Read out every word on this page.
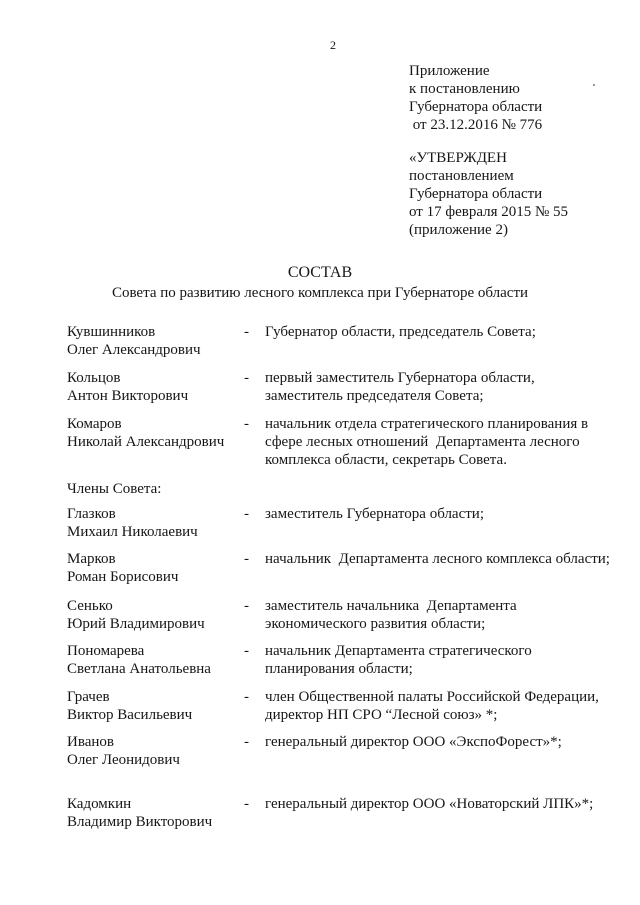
2
Приложение
к постановлению
Губернатора области
от 23.12.2016 № 776
«УТВЕРЖДЕН
постановлением
Губернатора области
от 17 февраля 2015 № 55
(приложение 2)
СОСТАВ
Совета по развитию лесного комплекса при Губернаторе области
Кувшинников
Олег Александрович
- Губернатор области, председатель Совета;
Кольцов
Антон Викторович
- первый заместитель Губернатора области,
заместитель председателя Совета;
Комаров
Николай Александрович
- начальник отдела стратегического планирования в
сфере лесных отношений  Департамента лесного
комплекса области, секретарь Совета.
Члены Совета:
Глазков
Михаил Николаевич
- заместитель Губернатора области;
Марков
Роман Борисович
- начальник  Департамента лесного комплекса области;
Сенько
Юрий Владимирович
- заместитель начальника  Департамента
экономического развития области;
Пономарева
Светлана Анатольевна
- начальник Департамента стратегического
планирования области;
Грачев
Виктор Васильевич
- член Общественной палаты Российской Федерации,
директор НП СРО “Лесной союз» *;
Иванов
Олег Леонидович
- генеральный директор ООО «ЭкспоФорест»*;
Кадомкин
Владимир Викторович
- генеральный директор ООО «Новаторский ЛПК»*;
